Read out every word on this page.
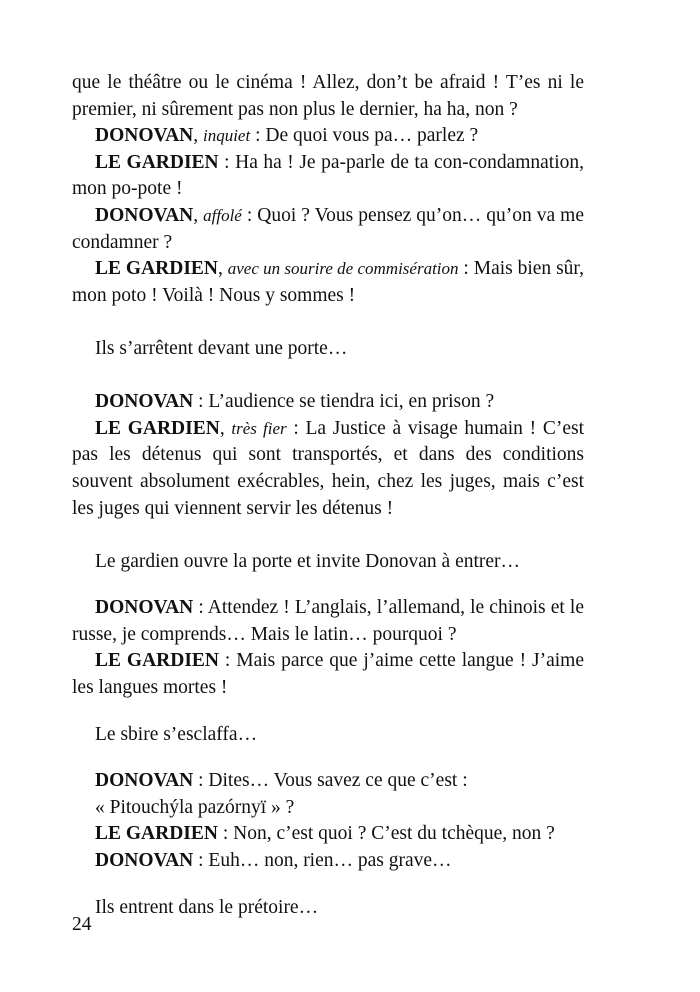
que le théâtre ou le cinéma ! Allez, don’t be afraid ! T’es ni le premier, ni sûrement pas non plus le dernier, ha ha, non ?

DONOVAN, inquiet : De quoi vous pa… parlez ?

LE GARDIEN : Ha ha ! Je pa-parle de ta con-condamnation, mon po-pote !

DONOVAN, affolé : Quoi ? Vous pensez qu’on… qu’on va me condamner ?

LE GARDIEN, avec un sourire de commisération : Mais bien sûr, mon poto ! Voilà ! Nous y sommes !

Ils s’arrêtent devant une porte…

DONOVAN : L’audience se tiendra ici, en prison ?

LE GARDIEN, très fier : La Justice à visage humain ! C’est pas les détenus qui sont transportés, et dans des conditions souvent absolument exécrables, hein, chez les juges, mais c’est les juges qui viennent servir les détenus !

Le gardien ouvre la porte et invite Donovan à entrer…

DONOVAN : Attendez ! L’anglais, l’allemand, le chinois et le russe, je comprends… Mais le latin… pourquoi ?

LE GARDIEN : Mais parce que j’aime cette langue ! J’aime les langues mortes !

Le sbire s’esclaffa…

DONOVAN : Dites… Vous savez ce que c’est :

« Pitouchýla pazórnyï » ?

LE GARDIEN : Non, c’est quoi ? C’est du tchèque, non ?

DONOVAN : Euh… non, rien… pas grave…

Ils entrent dans le prétoire…

24
